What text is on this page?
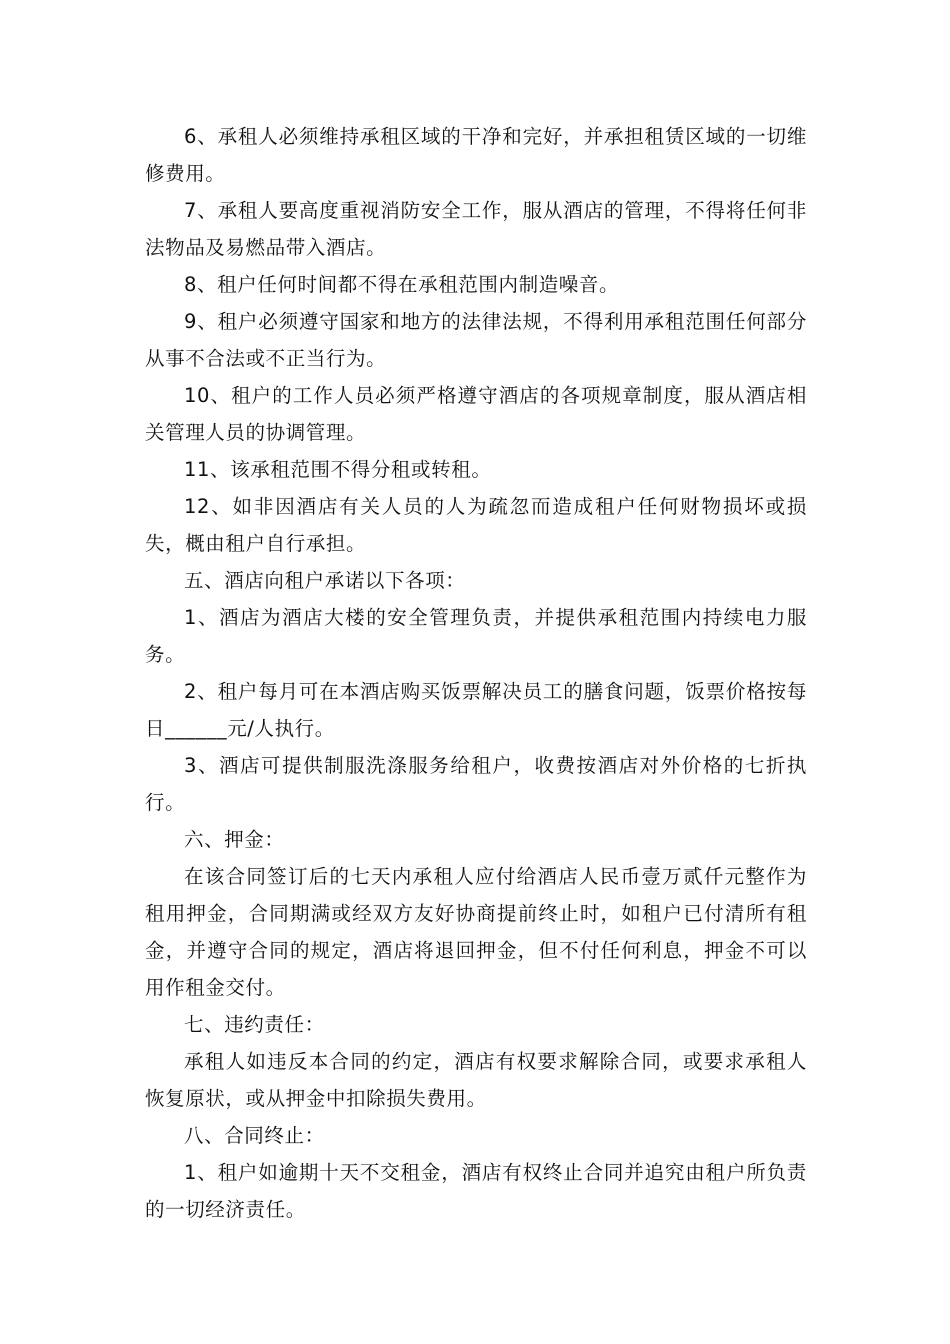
6、承租人必须维持承租区域的干净和完好，并承担租赁区域的一切维修费用。

7、承租人要高度重视消防安全工作，服从酒店的管理，不得将任何非法物品及易燃品带入酒店。

8、租户任何时间都不得在承租范围内制造噪音。

9、租户必须遵守国家和地方的法律法规，不得利用承租范围任何部分从事不合法或不正当行为。

10、租户的工作人员必须严格遵守酒店的各项规章制度，服从酒店相关管理人员的协调管理。

11、该承租范围不得分租或转租。

12、如非因酒店有关人员的人为疏忽而造成租户任何财物损坏或损失，概由租户自行承担。

五、酒店向租户承诺以下各项：

1、酒店为酒店大楼的安全管理负责，并提供承租范围内持续电力服务。

2、租户每月可在本酒店购买饭票解决员工的膳食问题，饭票价格按每日______元/人执行。

3、酒店可提供制服洗涤服务给租户，收费按酒店对外价格的七折执行。

六、押金：

在该合同签订后的七天内承租人应付给酒店人民币壹万贰仟元整作为租用押金，合同期满或经双方友好协商提前终止时，如租户已付清所有租金，并遵守合同的规定，酒店将退回押金，但不付任何利息，押金不可以用作租金交付。

七、违约责任：

承租人如违反本合同的约定，酒店有权要求解除合同，或要求承租人恢复原状，或从押金中扣除损失费用。

八、合同终止：

1、租户如逾期十天不交租金，酒店有权终止合同并追究由租户所负责的一切经济责任。
